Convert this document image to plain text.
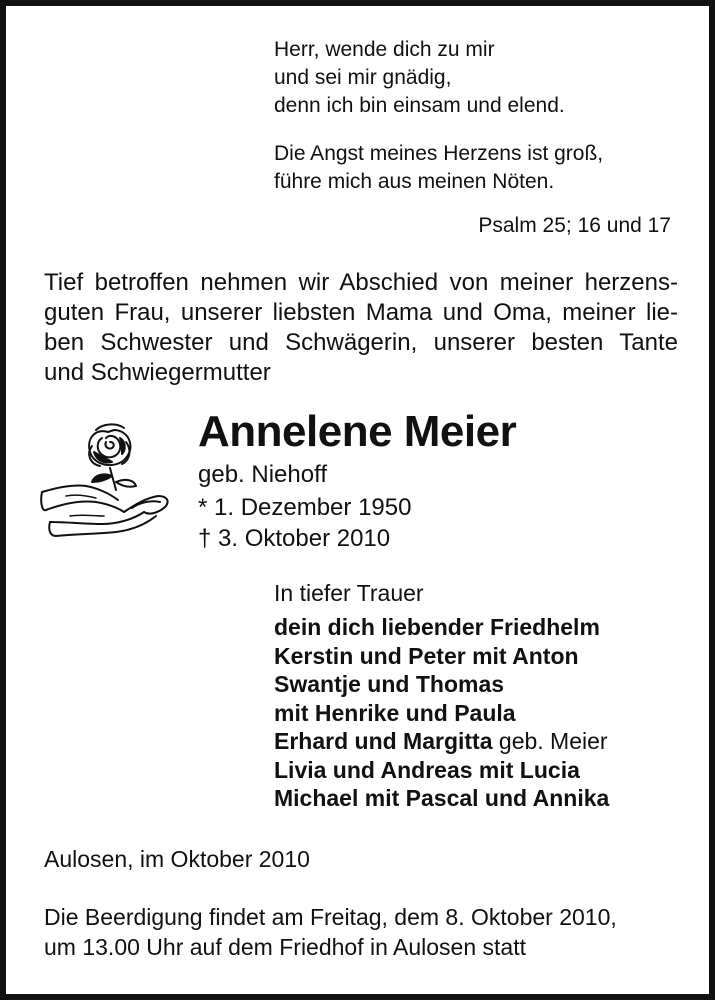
Herr, wende dich zu mir
und sei mir gnädig,
denn ich bin einsam und elend.
Die Angst meines Herzens ist groß,
führe mich aus meinen Nöten.
Psalm 25; 16 und 17
Tief betroffen nehmen wir Abschied von meiner herzens-
guten Frau, unserer liebsten Mama und Oma, meiner lie-
ben Schwester und Schwägerin, unserer besten Tante
und Schwiegermutter
Annelene Meier
geb. Niehoff
* 1. Dezember 1950
† 3. Oktober 2010
In tiefer Trauer
dein dich liebender Friedhelm
Kerstin und Peter mit Anton
Swantje und Thomas
mit Henrike und Paula
Erhard und Margitta geb. Meier
Livia und Andreas mit Lucia
Michael mit Pascal und Annika
Aulosen, im Oktober 2010
Die Beerdigung findet am Freitag, dem 8. Oktober 2010,
um 13.00 Uhr auf dem Friedhof in Aulosen statt
